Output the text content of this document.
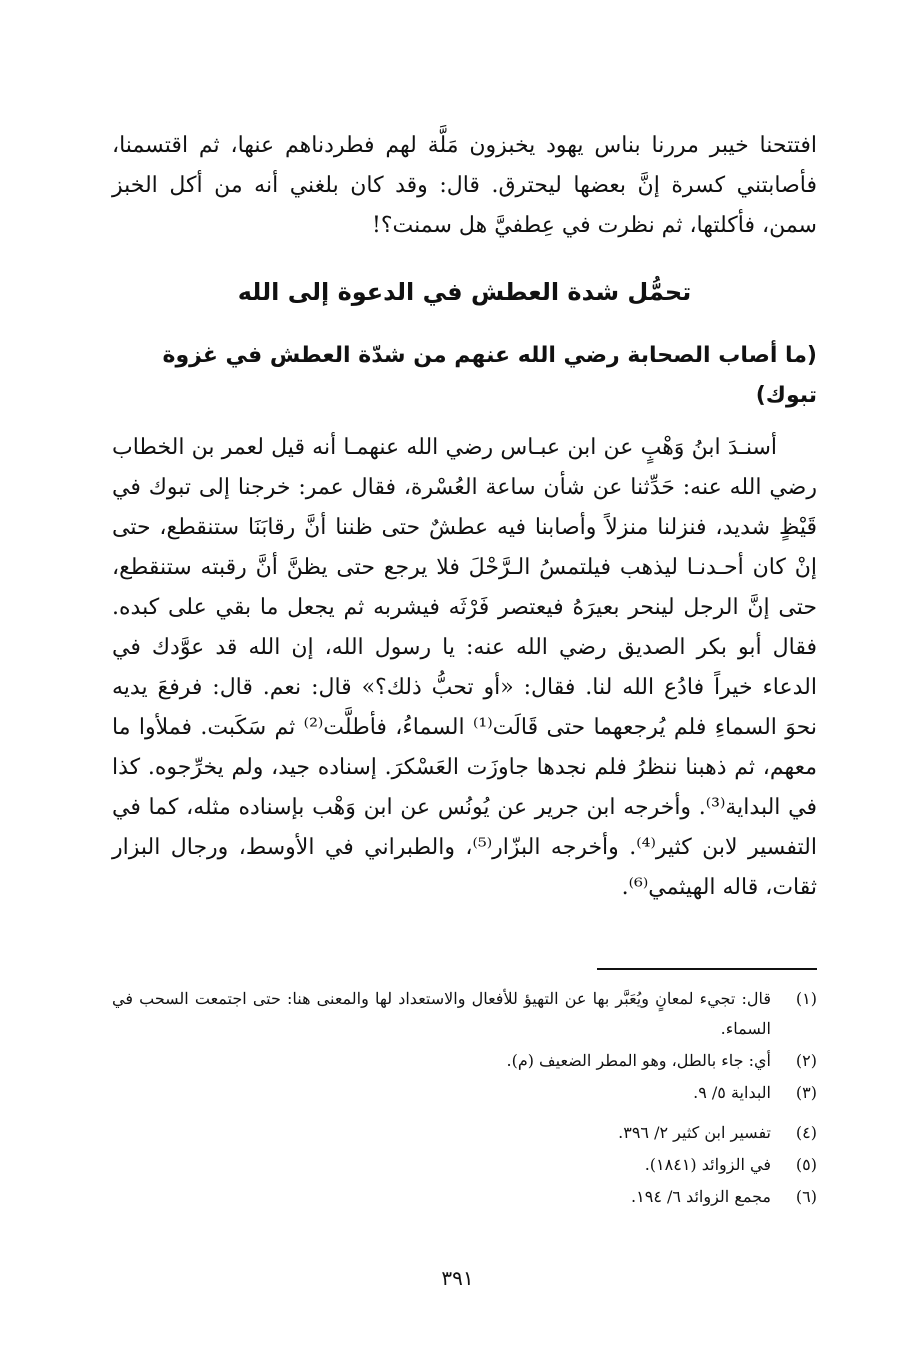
افتتحنا خيبر مررنا بناس يهود يخبزون مَلَّة لهم فطردناهم عنها، ثم اقتسمنا، فأصابتني كسرة إنَّ بعضها ليحترق. قال: وقد كان بلغني أنه من أكل الخبز سمن، فأكلتها، ثم نظرت في عِطفيَّ هل سمنت؟!

تحمُّل شدة العطش في الدعوة إلى الله
(ما أصاب الصحابة رضي الله عنهم من شدّة العطش في غزوة تبوك)

أسنـدَ ابنُ وَهْبٍ عن ابن عبـاس رضي الله عنهمـا أنه قيل لعمر بن الخطاب رضي الله عنه: حَدِّثنا عن شأن ساعة العُسْرة، فقال عمر: خرجنا إلى تبوك في قَيْظٍ شديد، فنزلنا منزلاً وأصابنا فيه عطشٌ حتى ظننا أنَّ رقابَنَا ستنقطع، حتى إنْ كان أحـدنـا ليذهب فيلتمسُ الـرَّحْلَ فلا يرجع حتى يظنَّ أنَّ رقبته ستنقطع، حتى إنَّ الرجل لينحر بعيرَهُ فيعتصر فَرْثَه فيشربه ثم يجعل ما بقي على كبده. فقال أبو بكر الصديق رضي الله عنه: يا رسول الله، إن الله قد عوَّدك في الدعاء خيراً فادُع الله لنا. فقال: «أو تحبُّ ذلك؟» قال: نعم. قال: فرفعَ يديه نحوَ السماءِ فلم يُرجعهما حتى قَالَت⁽¹⁾ السماءُ، فأطلَّت⁽²⁾ ثم سَكَبت. فملأوا ما معهم، ثم ذهبنا ننظرُ فلم نجدها جاوزَت العَسْكرَ. إسناده جيد، ولم يخرِّجوه. كذا في البداية⁽³⁾. وأخرجه ابن جرير عن يُونُس عن ابن وَهْب بإسناده مثله، كما في التفسير لابن كثير⁽⁴⁾. وأخرجه البزّار⁽⁵⁾، والطبراني في الأوسط، ورجال البزار ثقات، قاله الهيثمي⁽⁶⁾.

(١)
قال: تجيء لمعانٍ ويُعَبَّر بها عن التهيؤ للأفعال والاستعداد لها والمعنى هنا: حتى اجتمعت السحب في السماء.
(٢)
أي: جاء بالطل، وهو المطر الضعيف (م).
(٣)
البداية ٥/ ٩.
(٤)
تفسير ابن كثير ٢/ ٣٩٦.
(٥)
في الزوائد (١٨٤١).
(٦)
مجمع الزوائد ٦/ ١٩٤.
٣٩١
